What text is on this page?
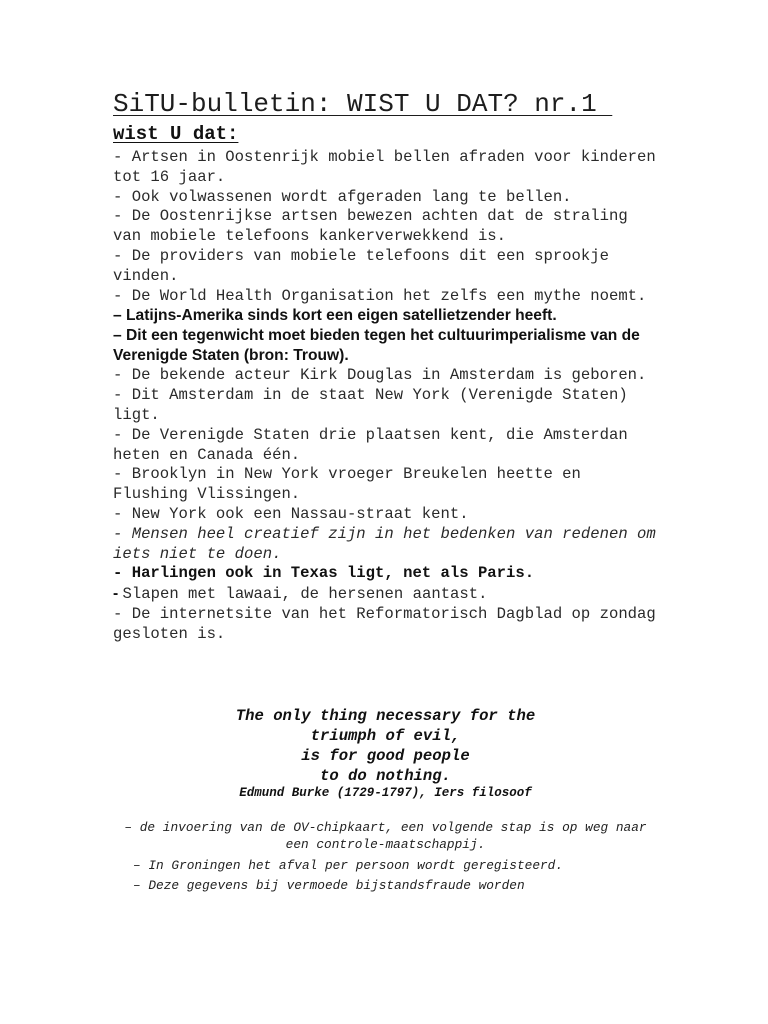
SiTU-bulletin: WIST U DAT? nr.1
wist U dat:
- Artsen in Oostenrijk mobiel bellen afraden voor kinderen tot 16 jaar.
- Ook volwassenen wordt afgeraden lang te bellen.
- De Oostenrijkse artsen bewezen achten dat de straling van mobiele telefoons kankerverwekkend is.
- De providers van mobiele telefoons dit een sprookje vinden.
- De World Health Organisation het zelfs een mythe noemt.
– Latijns-Amerika sinds kort een eigen satellietzender heeft.
– Dit een tegenwicht moet bieden tegen het cultuurimperialisme van de Verenigde Staten (bron: Trouw).
- De bekende acteur Kirk Douglas in Amsterdam is geboren.
- Dit Amsterdam in de staat New York (Verenigde Staten) ligt.
- De Verenigde Staten drie plaatsen kent, die Amsterdan heten en Canada één.
- Brooklyn in New York vroeger Breukelen heette en Flushing Vlissingen.
- New York ook een Nassau-straat kent.
- Mensen heel creatief zijn in het bedenken van redenen om iets niet te doen.
- Harlingen ook in Texas ligt, net als Paris.
- Slapen met lawaai, de hersenen aantast.
- De internetsite van het Reformatorisch Dagblad op zondag gesloten is.
The only thing necessary for the
triumph of evil,
is for good people
to do nothing.

Edmund Burke (1729-1797), Iers filosoof

– de invoering van de OV-chipkaart, een volgende stap is op weg naar een controle-maatschappij.

– In Groningen het afval per persoon wordt geregisteerd.
– Deze gegevens bij vermoede bijstandsfraude worden
